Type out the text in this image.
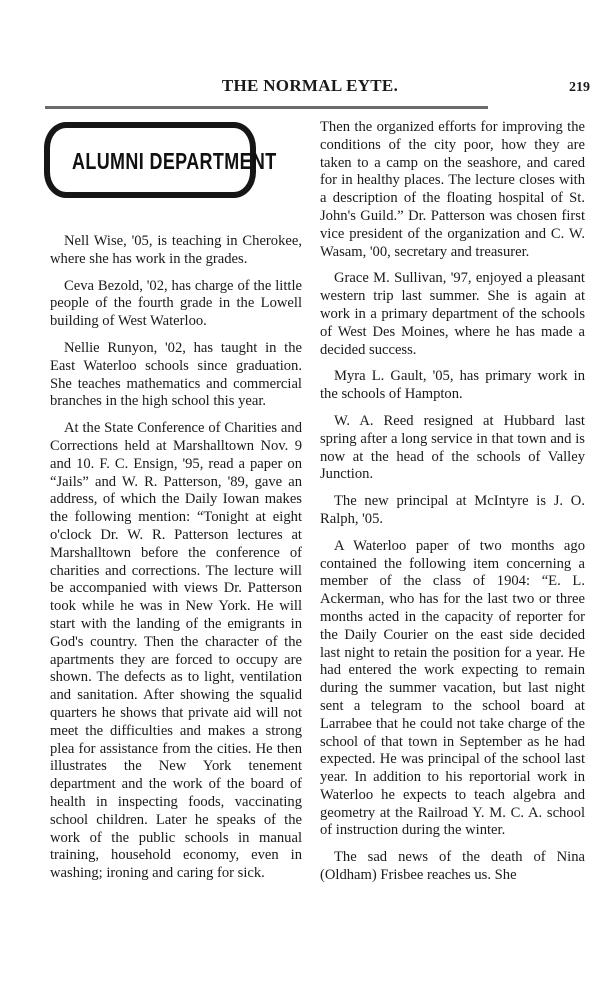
THE NORMAL EYTE.	219
ALUMNI DEPARTMENT

Nell Wise, '05, is teaching in Cherokee, where she has work in the grades.

Ceva Bezold, '02, has charge of the little people of the fourth grade in the Lowell building of West Waterloo.

Nellie Runyon, '02, has taught in the East Waterloo schools since graduation. She teaches mathematics and commercial branches in the high school this year.

At the State Conference of Charities and Corrections held at Marshalltown Nov. 9 and 10. F. C. Ensign, '95, read a paper on “Jails” and W. R. Patterson, '89, gave an address, of which the Daily Iowan makes the following mention: “Tonight at eight o'clock Dr. W. R. Patterson lectures at Marshalltown before the conference of charities and corrections. The lecture will be accompanied with views Dr. Patterson took while he was in New York. He will start with the landing of the emigrants in God's country. Then the character of the apartments they are forced to occupy are shown. The defects as to light, ventilation and sanitation. After showing the squalid quarters he shows that private aid will not meet the difficulties and makes a strong plea for assistance from the cities. He then illustrates the New York tenement department and the work of the board of health in inspecting foods, vaccinating school children. Later he speaks of the work of the public schools in manual training, household economy, even in washing; ironing and caring for sick.

Then the organized efforts for improving the conditions of the city poor, how they are taken to a camp on the seashore, and cared for in healthy places. The lecture closes with a description of the floating hospital of St. John's Guild.” Dr. Patterson was chosen first vice president of the organization and C. W. Wasam, '00, secretary and treasurer.

Grace M. Sullivan, '97, enjoyed a pleasant western trip last summer. She is again at work in a primary department of the schools of West Des Moines, where he has made a decided success.

Myra L. Gault, '05, has primary work in the schools of Hampton.

W. A. Reed resigned at Hubbard last spring after a long service in that town and is now at the head of the schools of Valley Junction.

The new principal at McIntyre is J. O. Ralph, '05.

A Waterloo paper of two months ago contained the following item concerning a member of the class of 1904: “E. L. Ackerman, who has for the last two or three months acted in the capacity of reporter for the Daily Courier on the east side decided last night to retain the position for a year. He had entered the work expecting to remain during the summer vacation, but last night sent a telegram to the school board at Larrabee that he could not take charge of the school of that town in September as he had expected. He was principal of the school last year. In addition to his reportorial work in Waterloo he expects to teach algebra and geometry at the Railroad Y. M. C. A. school of instruction during the winter.

The sad news of the death of Nina (Oldham) Frisbee reaches us. She
